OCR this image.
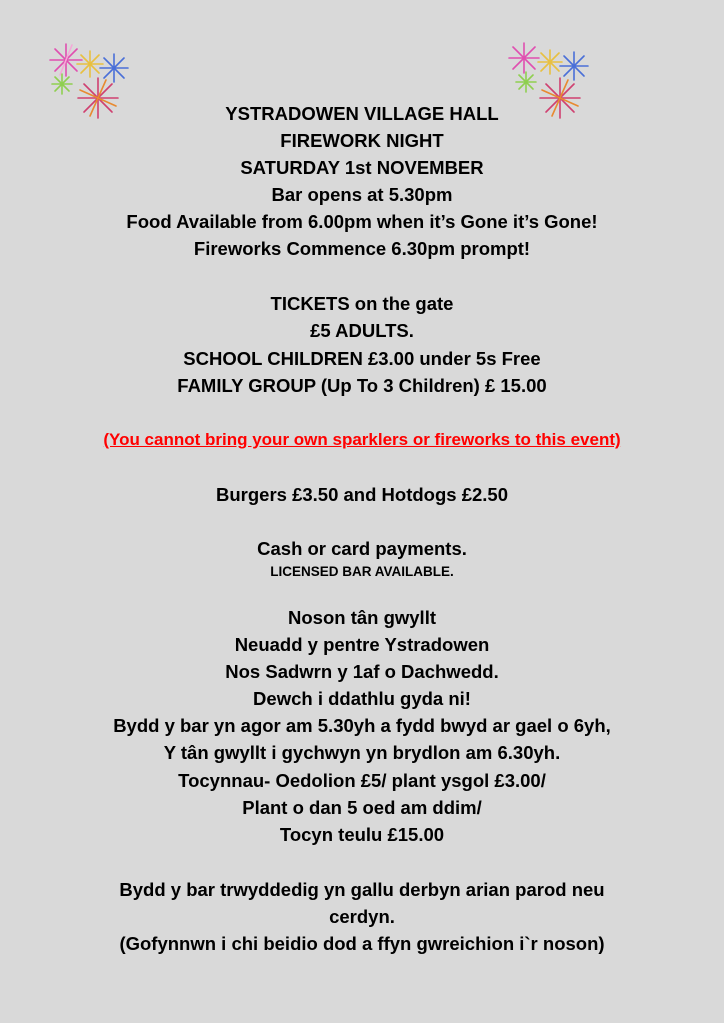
YSTRADOWEN VILLAGE HALL
FIREWORK NIGHT
SATURDAY 1st NOVEMBER
Bar opens at 5.30pm
Food Available from 6.00pm when it’s Gone it’s Gone!
Fireworks Commence 6.30pm prompt!
TICKETS on the gate
£5 ADULTS.
SCHOOL CHILDREN £3.00 under 5s Free
FAMILY GROUP (Up To 3 Children) £ 15.00
(You cannot bring your own sparklers or fireworks to this event)
Burgers £3.50 and Hotdogs £2.50
Cash or card payments.
LICENSED BAR AVAILABLE.
Noson tân gwyllt
Neuadd y pentre Ystradowen
Nos Sadwrn y 1af o Dachwedd.
Dewch i ddathlu gyda ni!
Bydd y bar yn agor am 5.30yh a fydd bwyd ar gael o 6yh,
Y tân gwyllt i gychwyn yn brydlon am 6.30yh.
Tocynnau- Oedolion £5/ plant ysgol £3.00/
Plant o dan 5 oed am ddim/
Tocyn teulu £15.00
Bydd y bar trwyddedig yn gallu derbyn arian parod neu
cerdyn.
(Gofynnwn i chi beidio dod a ffyn gwreichion i`r noson)
